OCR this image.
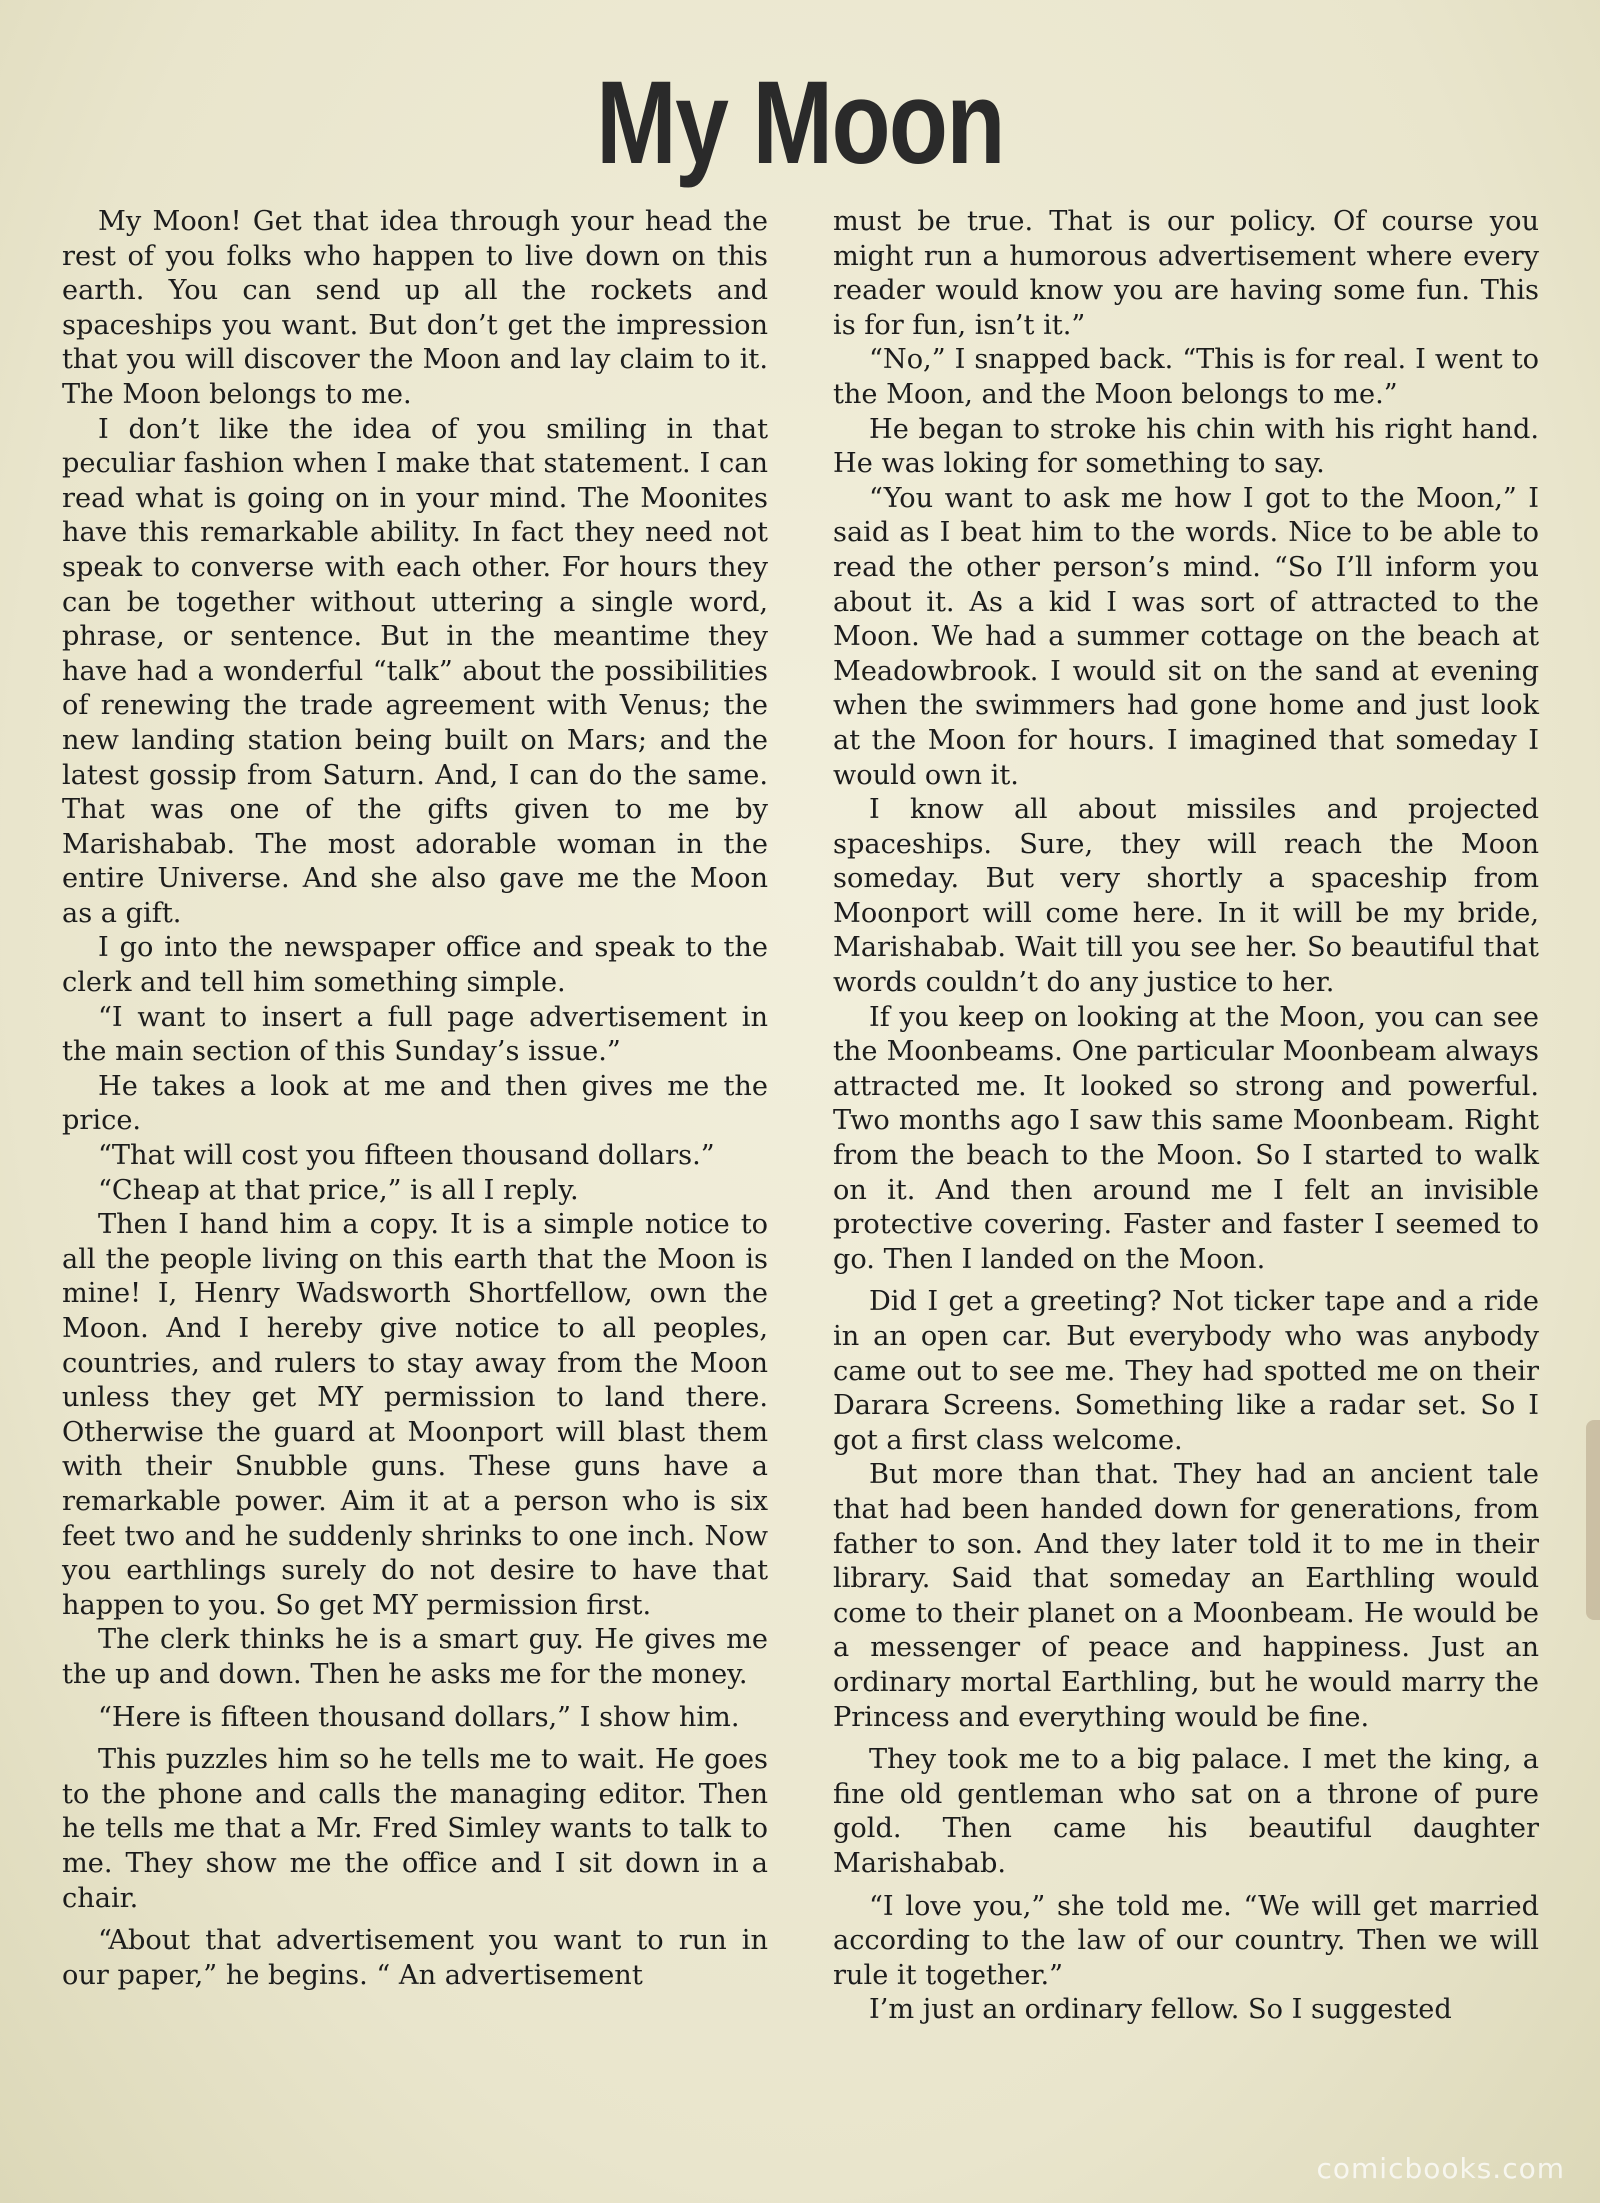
My Moon

My Moon! Get that idea through your head the rest of you folks who happen to live down on this earth. You can send up all the rockets and spaceships you want. But don’t get the impression that you will discover the Moon and lay claim to it. The Moon belongs to me.

I don’t like the idea of you smiling in that peculiar fashion when I make that statement. I can read what is going on in your mind. The Moonites have this remarkable ability. In fact they need not speak to converse with each other. For hours they can be together without uttering a single word, phrase, or sentence. But in the meantime they have had a wonderful “talk” about the possibilities of renewing the trade agreement with Venus; the new landing station being built on Mars; and the latest gossip from Saturn. And, I can do the same. That was one of the gifts given to me by Marishabab. The most adorable woman in the entire Universe. And she also gave me the Moon as a gift.

I go into the newspaper office and speak to the clerk and tell him something simple.

“I want to insert a full page advertisement in the main section of this Sunday’s issue.”

He takes a look at me and then gives me the price.

“That will cost you fifteen thousand dollars.”

“Cheap at that price,” is all I reply.

Then I hand him a copy. It is a simple notice to all the people living on this earth that the Moon is mine! I, Henry Wadsworth Shortfellow, own the Moon. And I hereby give notice to all peoples, countries, and rulers to stay away from the Moon unless they get MY permission to land there. Otherwise the guard at Moonport will blast them with their Snubble guns. These guns have a remarkable power. Aim it at a person who is six feet two and he suddenly shrinks to one inch. Now you earthlings surely do not desire to have that happen to you. So get MY permission first.

The clerk thinks he is a smart guy. He gives me the up and down. Then he asks me for the money.

“Here is fifteen thousand dollars,” I show him.

This puzzles him so he tells me to wait. He goes to the phone and calls the managing editor. Then he tells me that a Mr. Fred Simley wants to talk to me. They show me the office and I sit down in a chair.

“About that advertisement you want to run in our paper,” he begins. “ An advertisement

must be true. That is our policy. Of course you might run a humorous advertisement where every reader would know you are having some fun. This is for fun, isn’t it.”

“No,” I snapped back. “This is for real. I went to the Moon, and the Moon belongs to me.”

He began to stroke his chin with his right hand. He was loking for something to say.

“You want to ask me how I got to the Moon,” I said as I beat him to the words. Nice to be able to read the other person’s mind. “So I’ll inform you about it. As a kid I was sort of attracted to the Moon. We had a summer cottage on the beach at Meadowbrook. I would sit on the sand at evening when the swimmers had gone home and just look at the Moon for hours. I imagined that someday I would own it.

I know all about missiles and projected spaceships. Sure, they will reach the Moon someday. But very shortly a spaceship from Moonport will come here. In it will be my bride, Marishabab. Wait till you see her. So beautiful that words couldn’t do any justice to her.

If you keep on looking at the Moon, you can see the Moonbeams. One particular Moonbeam always attracted me. It looked so strong and powerful. Two months ago I saw this same Moonbeam. Right from the beach to the Moon. So I started to walk on it. And then around me I felt an invisible protective covering. Faster and faster I seemed to go. Then I landed on the Moon.

Did I get a greeting? Not ticker tape and a ride in an open car. But everybody who was anybody came out to see me. They had spotted me on their Darara Screens. Something like a radar set. So I got a first class welcome.

But more than that. They had an ancient tale that had been handed down for generations, from father to son. And they later told it to me in their library. Said that someday an Earthling would come to their planet on a Moonbeam. He would be a messenger of peace and happiness. Just an ordinary mortal Earthling, but he would marry the Princess and everything would be fine.

They took me to a big palace. I met the king, a fine old gentleman who sat on a throne of pure gold. Then came his beautiful daughter Marishabab.

“I love you,” she told me. “We will get married according to the law of our country. Then we will rule it together.”

I’m just an ordinary fellow. So I suggested

comicbooks.com
